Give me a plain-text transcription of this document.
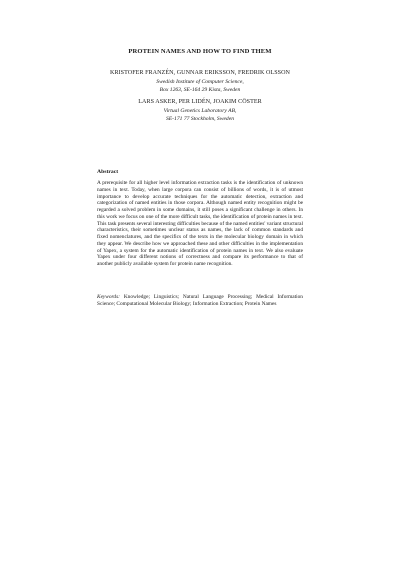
PROTEIN NAMES AND HOW TO FIND THEM
KRISTOFER FRANZÉN, GUNNAR ERIKSSON, FREDRIK OLSSON
Swedish Institute of Computer Science,
Box 1263, SE-164 29 Kista, Sweden
LARS ASKER, PER LIDÉN, JOAKIM CÖSTER
Virtual Genetics Laboratory AB,
SE-171 77 Stockholm, Sweden
Abstract
A prerequisite for all higher level information extraction tasks is the identification of unknown names in text. Today, when large corpora can consist of billions of words, it is of utmost importance to develop accurate techniques for the automatic detection, extraction and categorization of named entities in those corpora. Although named entity recognition might be regarded a solved problem in some domains, it still poses a significant challenge in others. In this work we focus on one of the more difficult tasks, the identification of protein names in text. This task presents several interesting difficulties because of the named entities' variant structural characteristics, their sometimes unclear status as names, the lack of common standards and fixed nomenclatures, and the specifics of the texts in the molecular biology domain in which they appear. We describe how we approached these and other difficulties in the implementation of Yapex, a system for the automatic identification of protein names in text. We also evaluate Yapex under four different notions of correctness and compare its performance to that of another publicly available system for protein name recognition.
Keywords: Knowledge; Linguistics; Natural Language Processing; Medical Information Science; Computational Molecular Biology; Information Extraction; Protein Names
